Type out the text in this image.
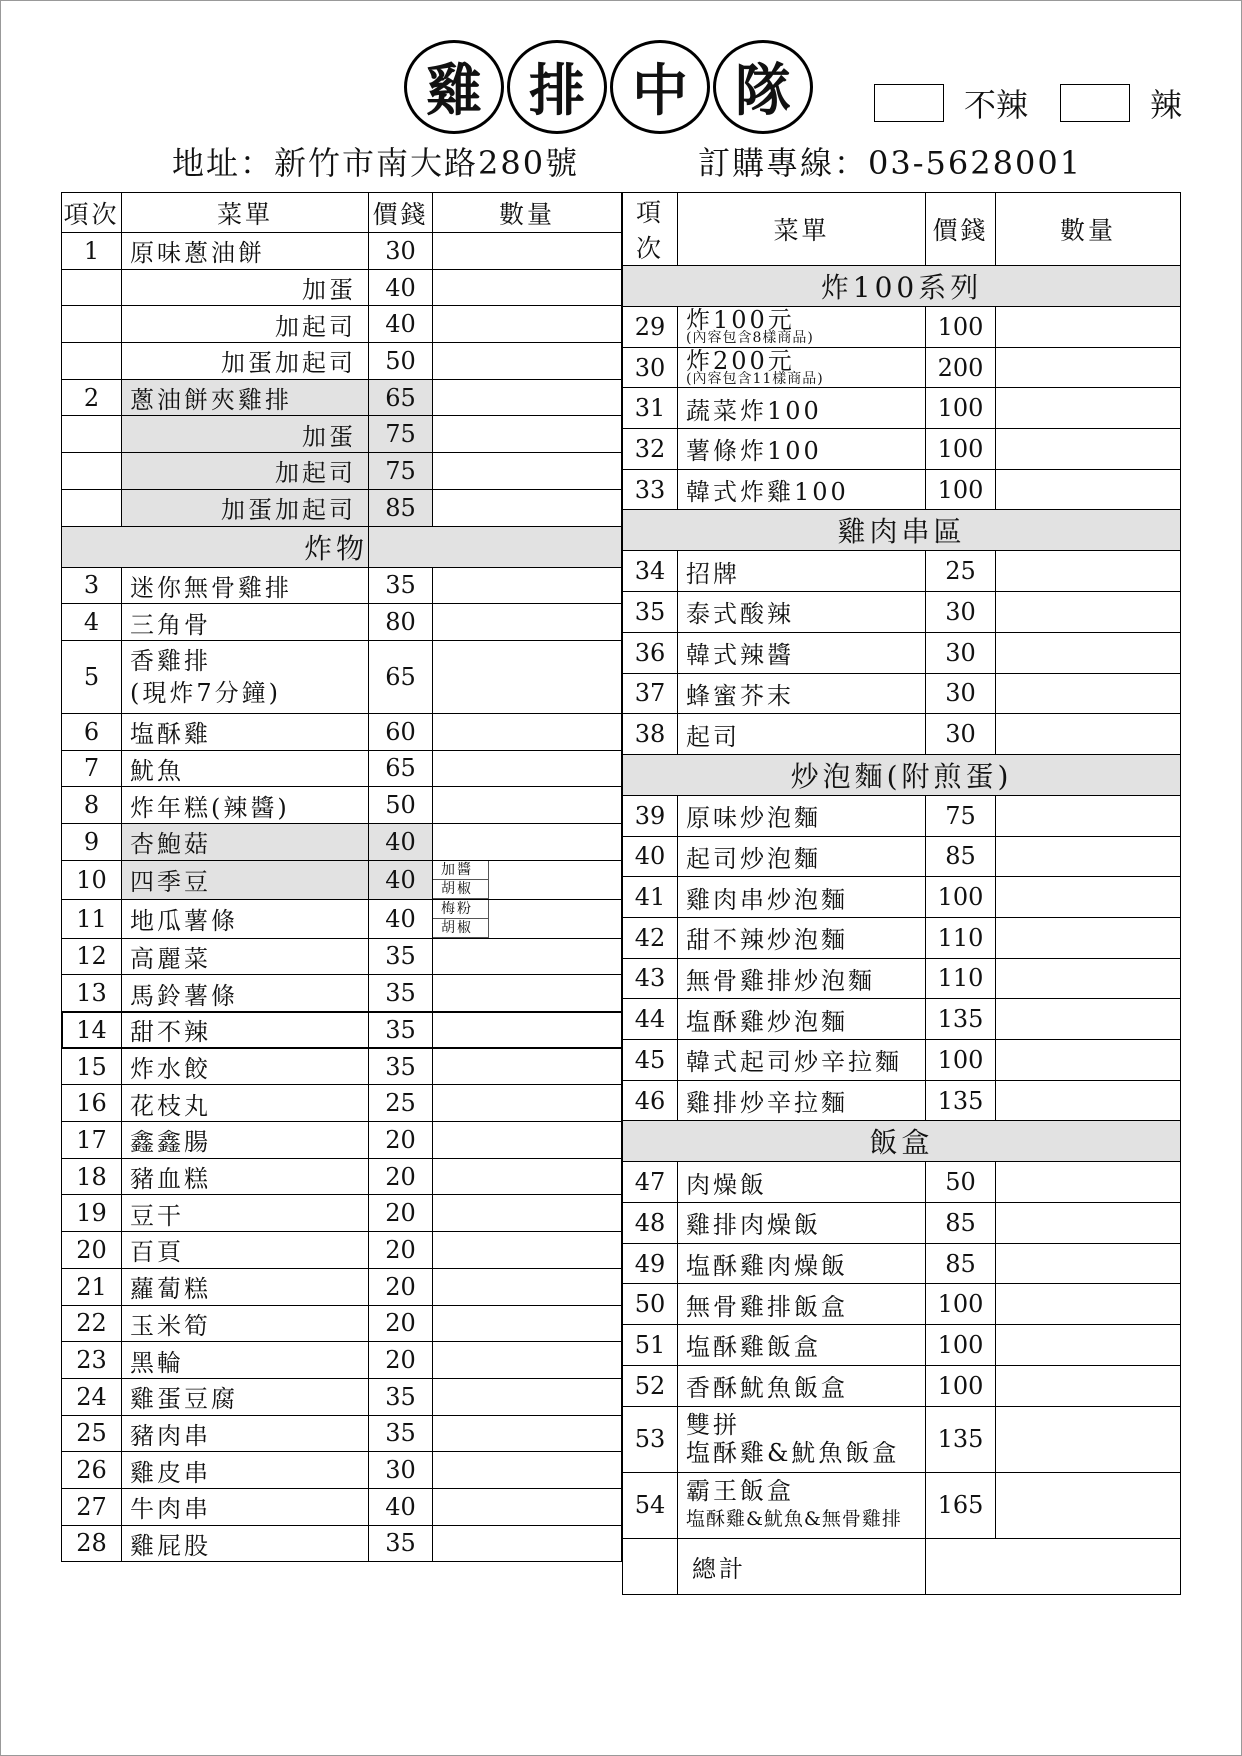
雞 排 中 隊	不辣	辣
地址：新竹市南大路280號	訂購專線：03-5628001
項次	菜單	價錢	數量
1	原味蔥油餅	30	
	加蛋	40	
	加起司	40	
	加蛋加起司	50	
2	蔥油餅夾雞排	65	
	加蛋	75	
	加起司	75	
	加蛋加起司	85	
炸物			
3	迷你無骨雞排	35	
4	三角骨	80	
5	香雞排
(現炸7分鐘)	65	
6	塩酥雞	60	
7	魷魚	65	
8	炸年糕(辣醬)	50	
9	杏鮑菇	40	
10	四季豆	40	加醬
胡椒

11	地瓜薯條	40	梅粉
胡椒

12	高麗菜	35	
13	馬鈴薯條	35	
14	甜不辣	35	
15	炸水餃	35	
16	花枝丸	25	
17	鑫鑫腸	20	
18	豬血糕	20	
19	豆干	20	
20	百頁	20	
21	蘿蔔糕	20	
22	玉米筍	20	
23	黑輪	20	
24	雞蛋豆腐	35	
25	豬肉串	35	
26	雞皮串	30	
27	牛肉串	40	
28	雞屁股	35	
項次	菜單	價錢	數量
炸100系列			
29	炸100元
(內容包含8樣商品)	100	
30	炸200元
(內容包含11樣商品)	200	
31	蔬菜炸100	100	
32	薯條炸100	100	
33	韓式炸雞100	100	
雞肉串區			
34	招牌	25	
35	泰式酸辣	30	
36	韓式辣醬	30	
37	蜂蜜芥末	30	
38	起司	30	
炒泡麵(附煎蛋)			
39	原味炒泡麵	75	
40	起司炒泡麵	85	
41	雞肉串炒泡麵	100	
42	甜不辣炒泡麵	110	
43	無骨雞排炒泡麵	110	
44	塩酥雞炒泡麵	135	
45	韓式起司炒辛拉麵	100	
46	雞排炒辛拉麵	135	
飯盒			
47	肉燥飯	50	
48	雞排肉燥飯	85	
49	塩酥雞肉燥飯	85	
50	無骨雞排飯盒	100	
51	塩酥雞飯盒	100	
52	香酥魷魚飯盒	100	
53	雙拼
塩酥雞&魷魚飯盒	135	
54	霸王飯盒
塩酥雞&魷魚&無骨雞排	165	
	總計		
